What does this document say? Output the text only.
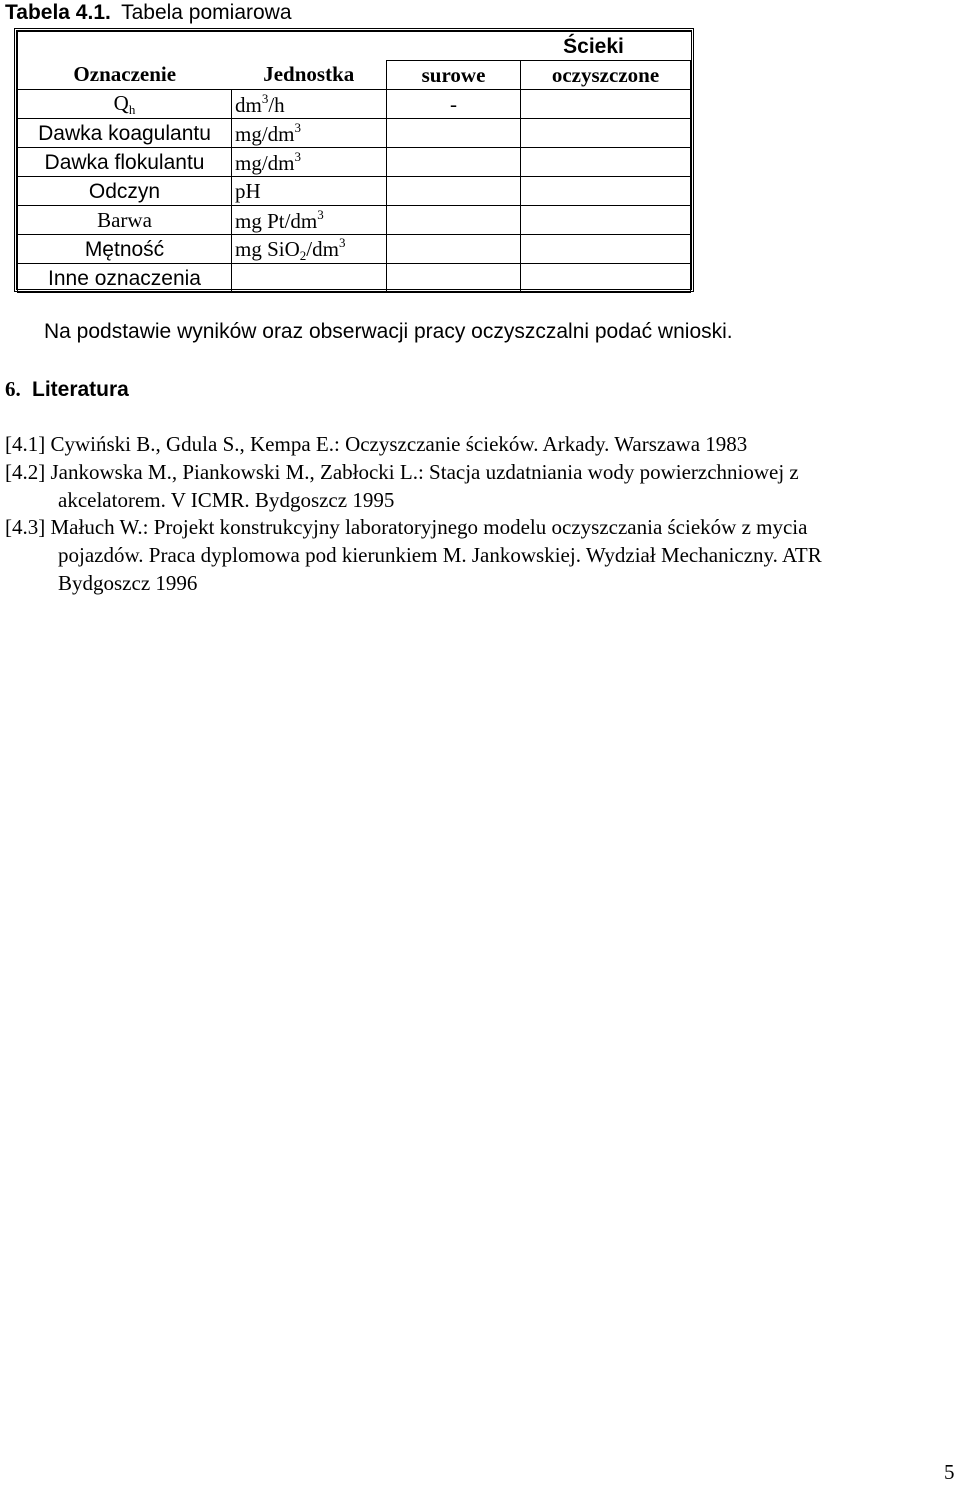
Tabela 4.1. Tabela pomiarowa
		Ścieki	
Oznaczenie	Jednostka	surowe	oczyszczone
$Q_h$	$dm^3/h$	-	
Dawka koagulantu	$mg/dm^3$		
Dawka flokulantu	$mg/dm^3$		
Odczyn	pH		
Barwa	mg $Pt/dm^3$		
Mętność	mg $SiO_2/dm^3$		
Inne oznaczenia			
Na podstawie wyników oraz obserwacji pracy oczyszczalni podać wnioski.
6. Literatura
[4.1] Cywiński B., Gdula S., Kempa E.: Oczyszczanie ścieków. Arkady. Warszawa 1983
[4.2] Jankowska M., Piankowski M., Zabłocki L.: Stacja uzdatniania wody powierzchniowej z
akcelatorem. V ICMR. Bydgoszcz 1995
[4.3] Małuch W.: Projekt konstrukcyjny laboratoryjnego modelu oczyszczania ścieków z mycia
pojazdów. Praca dyplomowa pod kierunkiem M. Jankowskiej. Wydział Mechaniczny. ATR
Bydgoszcz 1996
5
